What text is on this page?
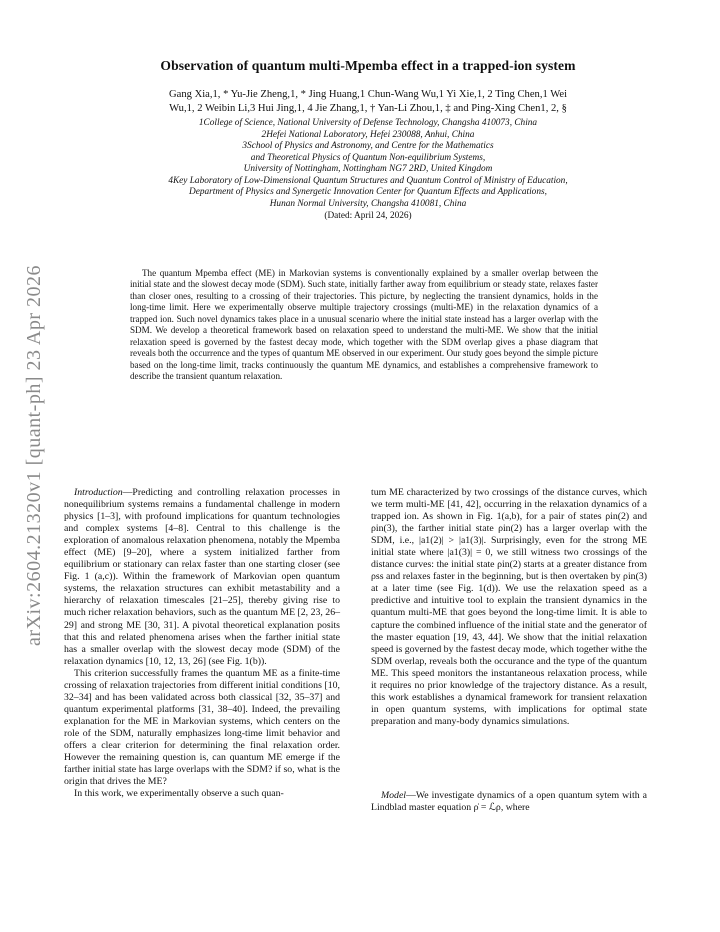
arXiv:2604.21320v1 [quant-ph] 23 Apr 2026
Observation of quantum multi-Mpemba effect in a trapped-ion system
Gang Xia,1, * Yu-Jie Zheng,1, * Jing Huang,1 Chun-Wang Wu,1 Yi Xie,1, 2 Ting Chen,1 Wei
Wu,1, 2 Weibin Li,3 Hui Jing,1, 4 Jie Zhang,1, † Yan-Li Zhou,1, ‡ and Ping-Xing Chen1, 2, §
1College of Science, National University of Defense Technology, Changsha 410073, China
2Hefei National Laboratory, Hefei 230088, Anhui, China
3School of Physics and Astronomy, and Centre for the Mathematics
and Theoretical Physics of Quantum Non-equilibrium Systems,
University of Nottingham, Nottingham NG7 2RD, United Kingdom
4Key Laboratory of Low-Dimensional Quantum Structures and Quantum Control of Ministry of Education,
Department of Physics and Synergetic Innovation Center for Quantum Effects and Applications,
Hunan Normal University, Changsha 410081, China
(Dated: April 24, 2026)
The quantum Mpemba effect (ME) in Markovian systems is conventionally explained by a smaller overlap between the initial state and the slowest decay mode (SDM). Such state, initially farther away from equilibrium or steady state, relaxes faster than closer ones, resulting to a crossing of their trajectories. This picture, by neglecting the transient dynamics, holds in the long-time limit. Here we experimentally observe multiple trajectory crossings (multi-ME) in the relaxation dynamics of a trapped ion. Such novel dynamics takes place in a unusual scenario where the initial state instead has a larger overlap with the SDM. We develop a theoretical framework based on relaxation speed to understand the multi-ME. We show that the initial relaxation speed is governed by the fastest decay mode, which together with the SDM overlap gives a phase diagram that reveals both the occurrence and the types of quantum ME observed in our experiment. Our study goes beyond the simple picture based on the long-time limit, tracks continuously the quantum ME dynamics, and establishes a comprehensive framework to describe the transient quantum relaxation.

Introduction—Predicting and controlling relaxation processes in nonequilibrium systems remains a fundamental challenge in modern physics [1–3], with profound implications for quantum technologies and complex systems [4–8]. Central to this challenge is the exploration of anomalous relaxation phenomena, notably the Mpemba effect (ME) [9–20], where a system initialized farther from equilibrium or stationary can relax faster than one starting closer (see Fig. 1 (a,c)). Within the framework of Markovian open quantum systems, the relaxation structures can exhibit metastability and a hierarchy of relaxation timescales [21–25], thereby giving rise to much richer relaxation behaviors, such as the quantum ME [2, 23, 26–29] and strong ME [30, 31]. A pivotal theoretical explanation posits that this and related phenomena arises when the farther initial state has a smaller overlap with the slowest decay mode (SDM) of the relaxation dynamics [10, 12, 13, 26] (see Fig. 1(b)).

This criterion successfully frames the quantum ME as a finite-time crossing of relaxation trajectories from different initial conditions [10, 32–34] and has been validated across both classical [32, 35–37] and quantum experimental platforms [31, 38–40]. Indeed, the prevailing explanation for the ME in Markovian systems, which centers on the role of the SDM, naturally emphasizes long-time limit behavior and offers a clear criterion for determining the final relaxation order. However the remaining question is, can quantum ME emerge if the farther initial state has large overlaps with the SDM? if so, what is the origin that drives the ME?

In this work, we experimentally observe a such quan-

tum ME characterized by two crossings of the distance curves, which we term multi-ME [41, 42], occurring in the relaxation dynamics of a trapped ion. As shown in Fig. 1(a,b), for a pair of states ρin(2) and ρin(3), the farther initial state ρin(2) has a larger overlap with the SDM, i.e., |a1(2)| > |a1(3)|. Surprisingly, even for the strong ME initial state where |a1(3)| = 0, we still witness two crossings of the distance curves: the initial state ρin(2) starts at a greater distance from ρss and relaxes faster in the beginning, but is then overtaken by ρin(3) at a later time (see Fig. 1(d)). We use the relaxation speed as a predictive and intuitive tool to explain the transient dynamics in the quantum multi-ME that goes beyond the long-time limit. It is able to capture the combined influence of the initial state and the generator of the master equation [19, 43, 44]. We show that the initial relaxation speed is governed by the fastest decay mode, which together withe the SDM overlap, reveals both the occurance and the type of the quantum ME. This speed monitors the instantaneous relaxation process, while it requires no prior knowledge of the trajectory distance. As a result, this work establishes a dynamical framework for transient relaxation in open quantum systems, with implications for optimal state preparation and many-body dynamics simulations.

Model—We investigate dynamics of a open quantum sytem with a Lindblad master equation ρ̇ = ℒρ, where
